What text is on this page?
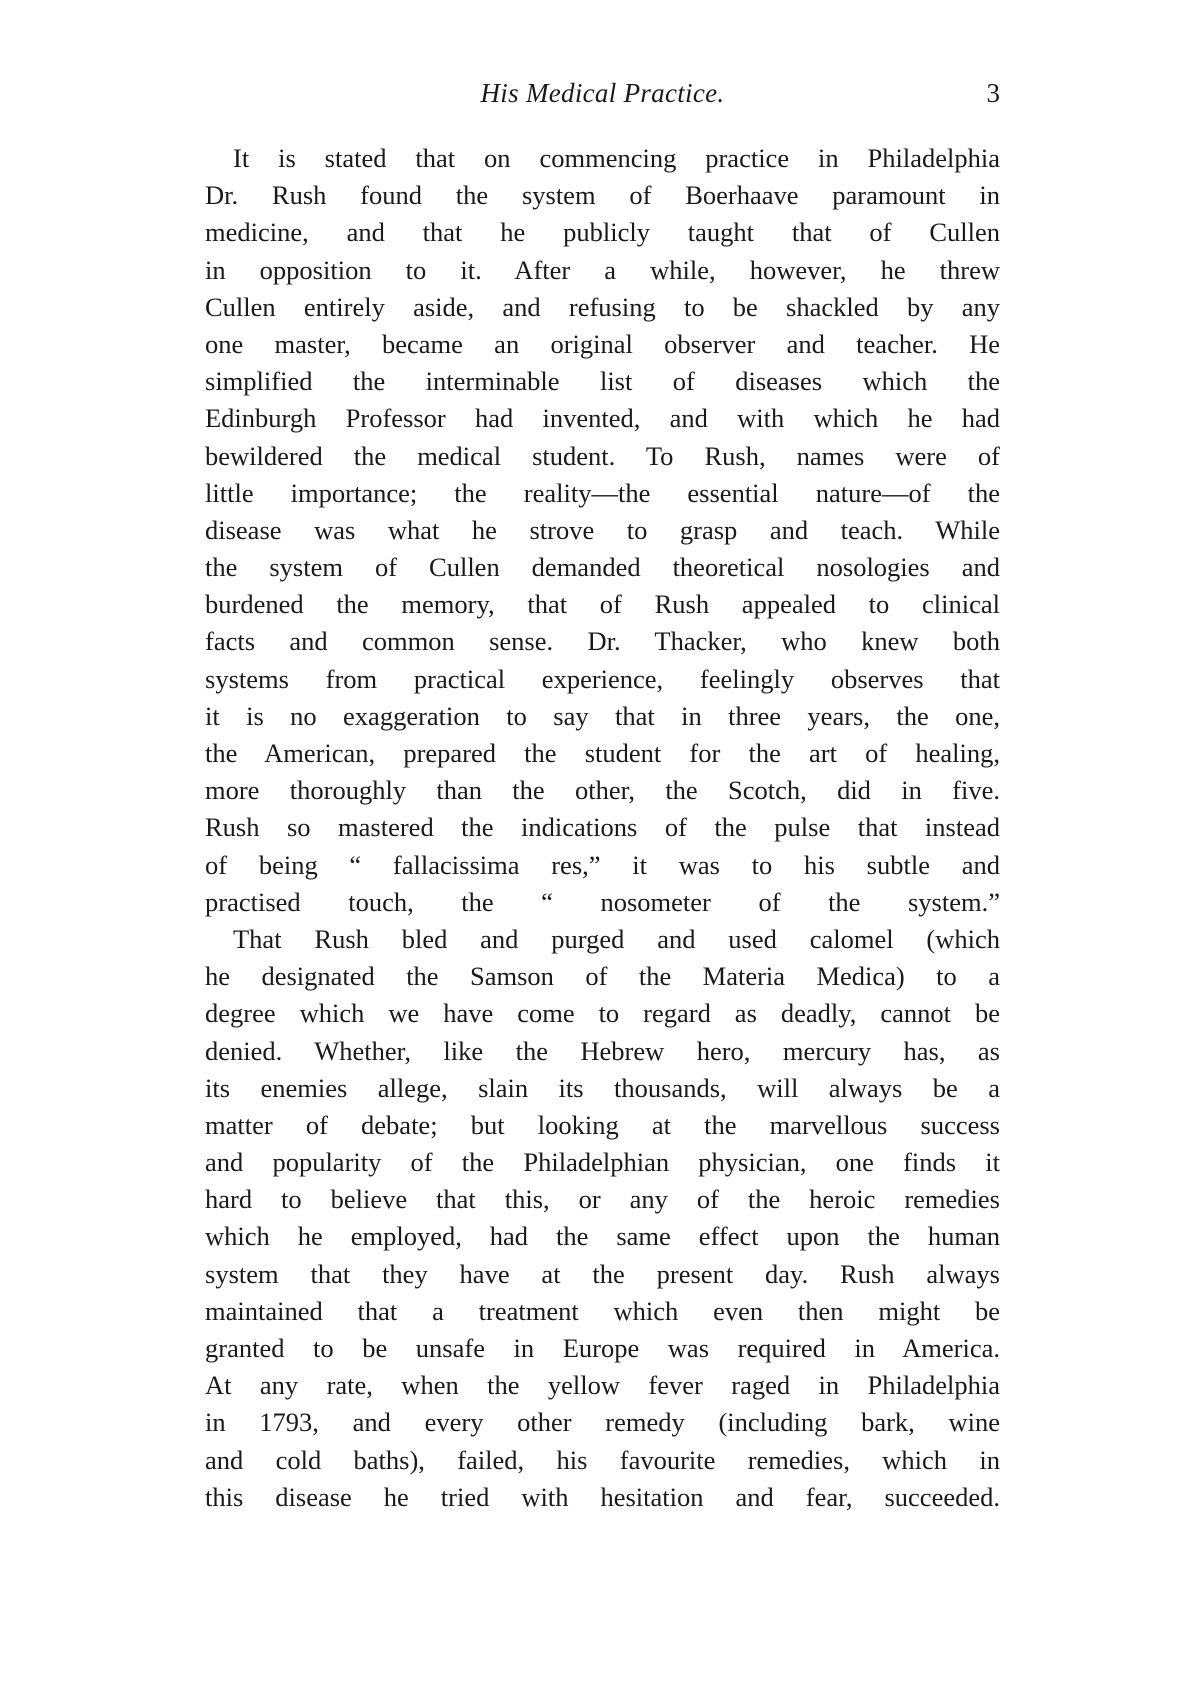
His Medical Practice.	3
It is stated that on commencing practice in Philadelphia
Dr. Rush found the system of Boerhaave paramount in
medicine, and that he publicly taught that of Cullen
in opposition to it. After a while, however, he threw
Cullen entirely aside, and refusing to be shackled by any
one master, became an original observer and teacher. He
simplified the interminable list of diseases which the
Edinburgh Professor had invented, and with which he had
bewildered the medical student. To Rush, names were of
little importance; the reality—the essential nature—of the
disease was what he strove to grasp and teach. While
the system of Cullen demanded theoretical nosologies and
burdened the memory, that of Rush appealed to clinical
facts and common sense. Dr. Thacker, who knew both
systems from practical experience, feelingly observes that
it is no exaggeration to say that in three years, the one,
the American, prepared the student for the art of healing,
more thoroughly than the other, the Scotch, did in five.
Rush so mastered the indications of the pulse that instead
of being “ fallacissima res,” it was to his subtle and
practised touch, the “ nosometer of the system.”
That Rush bled and purged and used calomel (which
he designated the Samson of the Materia Medica) to a
degree which we have come to regard as deadly, cannot be
denied. Whether, like the Hebrew hero, mercury has, as
its enemies allege, slain its thousands, will always be a
matter of debate; but looking at the marvellous success
and popularity of the Philadelphian physician, one finds it
hard to believe that this, or any of the heroic remedies
which he employed, had the same effect upon the human
system that they have at the present day. Rush always
maintained that a treatment which even then might be
granted to be unsafe in Europe was required in America.
At any rate, when the yellow fever raged in Philadelphia
in 1793, and every other remedy (including bark, wine
and cold baths), failed, his favourite remedies, which in
this disease he tried with hesitation and fear, succeeded.
